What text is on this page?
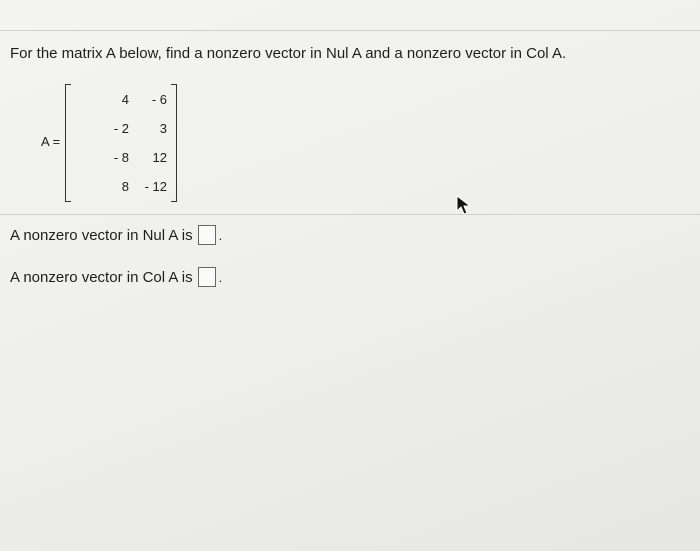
For the matrix A below, find a nonzero vector in Nul A and a nonzero vector in Col A.
A =
4	- 6
- 2	3
- 8	12
8	- 12
A nonzero vector in Nul A is .
A nonzero vector in Col A is .
